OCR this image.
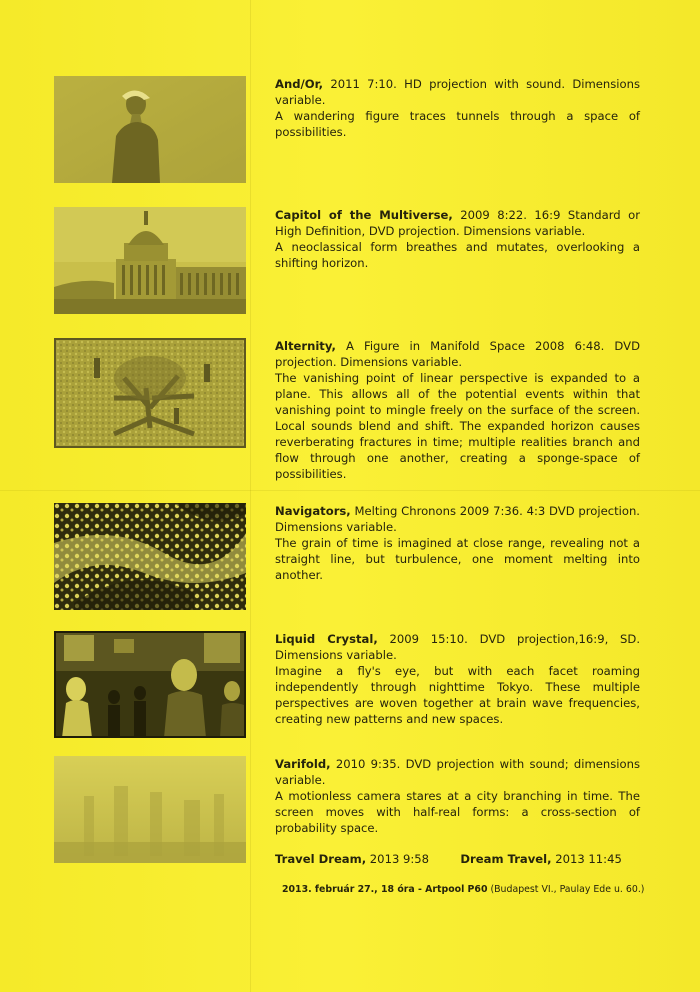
And/Or, 2011 7:10. HD projection with sound. Dimensions variable.
A wandering figure traces tunnels through a space of possibilities.
Capitol of the Multiverse, 2009 8:22. 16:9 Standard or High Definition, DVD projection. Dimensions variable.
A neoclassical form breathes and mutates, overlooking a shifting horizon.
Alternity, A Figure in Manifold Space 2008 6:48. DVD projection. Dimensions variable.
The vanishing point of linear perspective is expanded to a plane. This allows all of the potential events within that vanishing point to mingle freely on the surface of the screen. Local sounds blend and shift. The expanded horizon causes reverberating fractures in time; multiple realities branch and flow through one another, creating a sponge-space of possibilities.
Navigators, Melting Chronons 2009 7:36. 4:3 DVD projection. Dimensions variable.
The grain of time is imagined at close range, revealing not a straight line, but turbulence, one moment melting into another.
Liquid Crystal, 2009 15:10. DVD projection,16:9, SD. Dimensions variable.
Imagine a fly's eye, but with each facet roaming independently through nighttime Tokyo. These multiple perspectives are woven together at brain wave frequencies, creating new patterns and new spaces.
Varifold, 2010 9:35. DVD projection with sound; dimensions variable.
A motionless camera stares at a city branching in time. The screen moves with half-real forms: a cross-section of probability space.
Travel Dream, 2013 9:58	Dream Travel, 2013 11:45
2013. február 27., 18 óra - Artpool P60 (Budapest VI., Paulay Ede u. 60.)
